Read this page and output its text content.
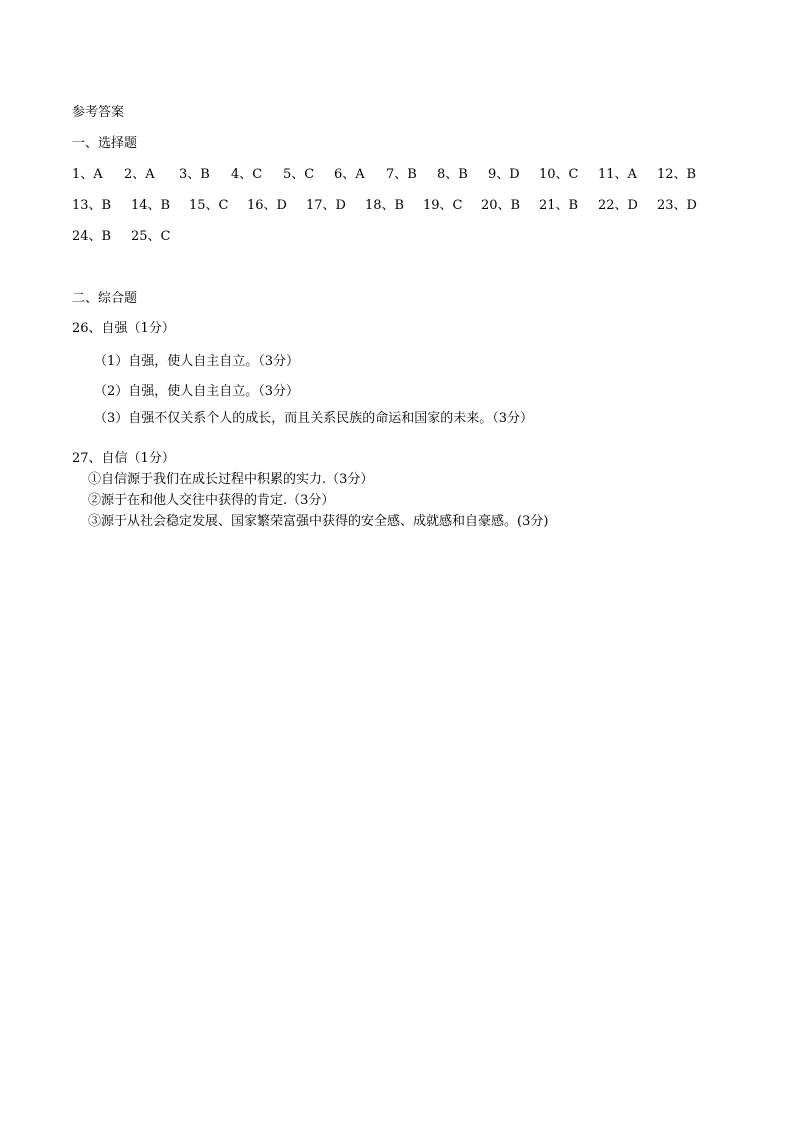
参考答案
一、选择题
1、A 2、A 3、B 4、C 5、C 6、A 7、B 8、B 9、D 10、C 11、A 12、B
13、B 14、B 15、C 16、D 17、D 18、B 19、C 20、B 21、B 22、D 23、D
24、B 25、C
二、综合题
26、自强（1分）
（1）自强，使人自主自立。（3分）
（2）自强，使人自主自立。（3分）
（3）自强不仅关系个人的成长，而且关系民族的命运和国家的未来。（3分）
27、自信（1分）
①自信源于我们在成长过程中积累的实力.（3分）
②源于在和他人交往中获得的肯定.（3分）
③源于从社会稳定发展、国家繁荣富强中获得的安全感、成就感和自豪感。(3分)
